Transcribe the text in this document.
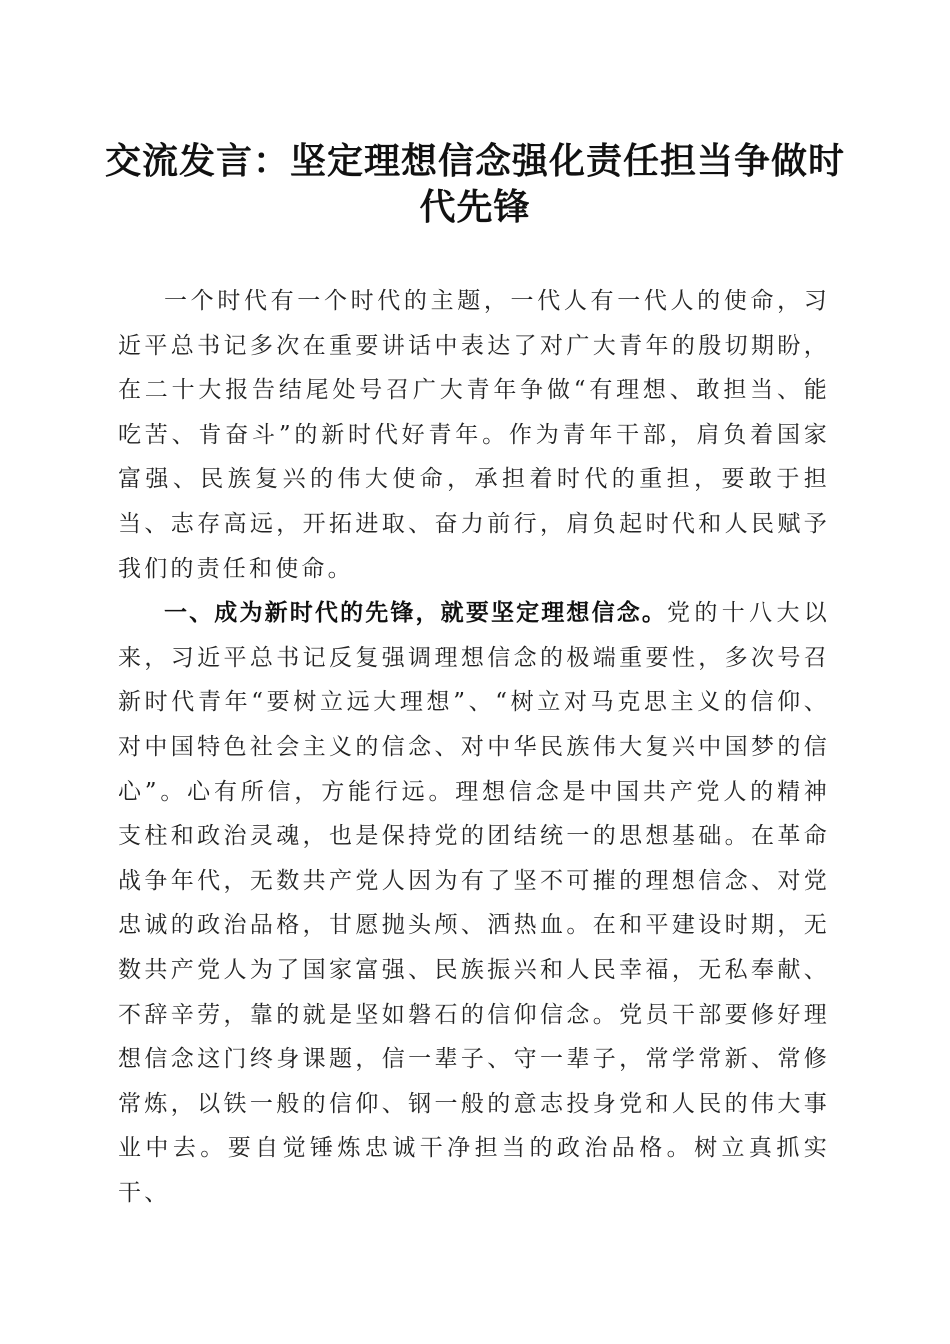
交流发言：坚定理想信念强化责任担当争做时代先锋

一个时代有一个时代的主题，一代人有一代人的使命，习近平总书记多次在重要讲话中表达了对广大青年的殷切期盼，在二十大报告结尾处号召广大青年争做“有理想、敢担当、能吃苦、肯奋斗”的新时代好青年。作为青年干部，肩负着国家富强、民族复兴的伟大使命，承担着时代的重担，要敢于担当、志存高远，开拓进取、奋力前行，肩负起时代和人民赋予我们的责任和使命。

一、成为新时代的先锋，就要坚定理想信念。党的十八大以来，习近平总书记反复强调理想信念的极端重要性，多次号召新时代青年“要树立远大理想”、“树立对马克思主义的信仰、对中国特色社会主义的信念、对中华民族伟大复兴中国梦的信心”。心有所信，方能行远。理想信念是中国共产党人的精神支柱和政治灵魂，也是保持党的团结统一的思想基础。在革命战争年代，无数共产党人因为有了坚不可摧的理想信念、对党忠诚的政治品格，甘愿抛头颅、洒热血。在和平建设时期，无数共产党人为了国家富强、民族振兴和人民幸福，无私奉献、不辞辛劳，靠的就是坚如磐石的信仰信念。党员干部要修好理想信念这门终身课题，信一辈子、守一辈子，常学常新、常修常炼，以铁一般的信仰、钢一般的意志投身党和人民的伟大事业中去。要自觉锤炼忠诚干净担当的政治品格。树立真抓实干、
